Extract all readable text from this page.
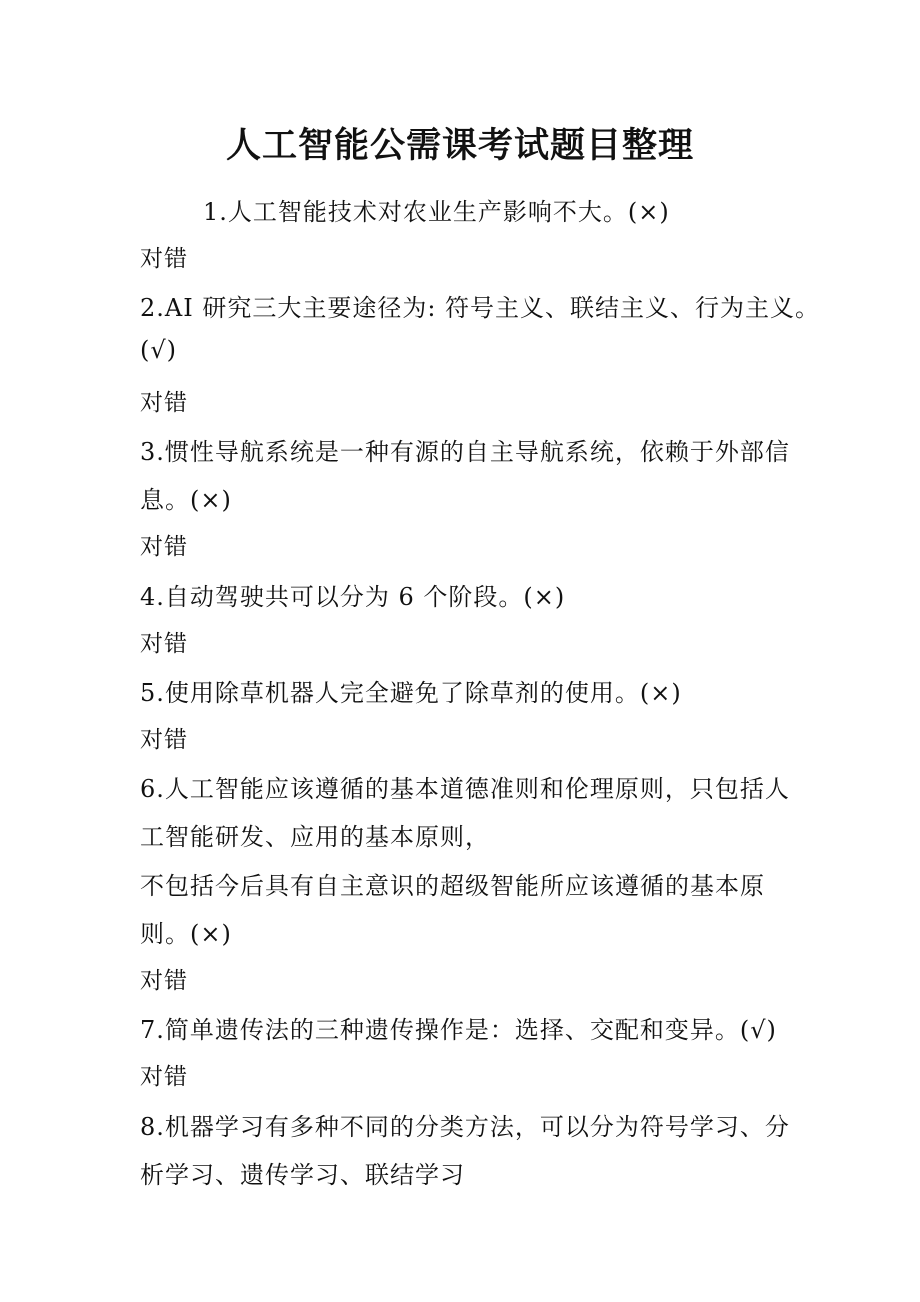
人工智能公需课考试题目整理
1.人工智能技术对农业生产影响不大。(×)
对错
2.AI 研究三大主要途径为: 符号主义、联结主义、行为主义。
(√)
对错
3.惯性导航系统是一种有源的自主导航系统，依赖于外部信
息。(×)
对错
4.自动驾驶共可以分为 6 个阶段。(×)
对错
5.使用除草机器人完全避免了除草剂的使用。(×)
对错
6.人工智能应该遵循的基本道德准则和伦理原则，只包括人
工智能研发、应用的基本原则，
不包括今后具有自主意识的超级智能所应该遵循的基本原
则。(×)
对错
7.简单遗传法的三种遗传操作是：选择、交配和变异。(√)
对错
8.机器学习有多种不同的分类方法，可以分为符号学习、分
析学习、遗传学习、联结学习
